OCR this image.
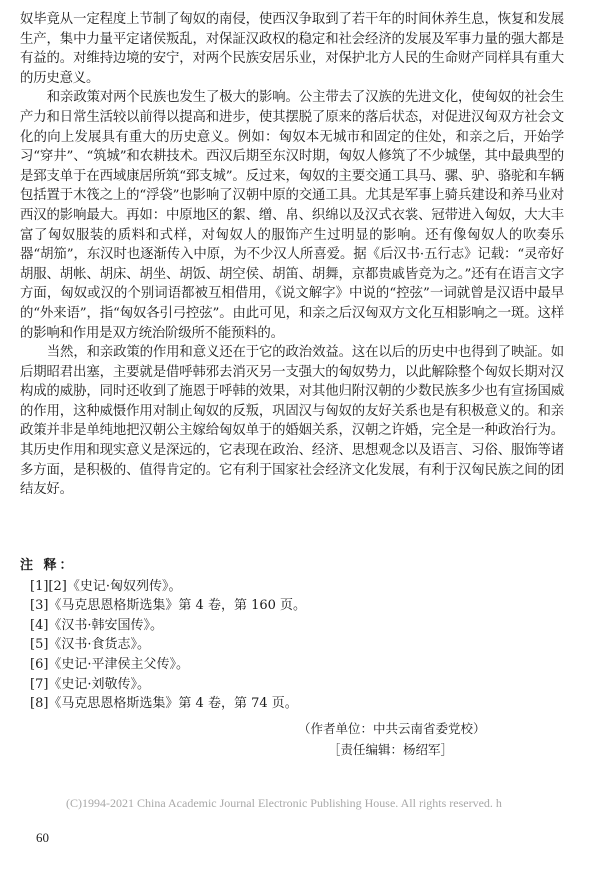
奴毕竟从一定程度上节制了匈奴的南侵，使西汉争取到了若干年的时间休养生息，恢复和发展生产，集中力量平定诸侯叛乱，对保証汉政权的稳定和社会经济的发展及军事力量的强大都是有益的。对维持边境的安宁，对两个民族安居乐业，对保护北方人民的生命财产同样具有重大的历史意义。

和亲政策对两个民族也发生了极大的影响。公主带去了汉族的先进文化，使匈奴的社会生产力和日常生活较以前得以提高和进步，使其摆脱了原来的落后状态，对促进汉匈双方社会文化的向上发展具有重大的历史意义。例如：匈奴本无城市和固定的住处，和亲之后，开始学习“穿井”、“筑城”和农耕技术。西汉后期至东汉时期，匈奴人修筑了不少城堡，其中最典型的是郅支单于在西域康居所筑“郅支城”。反过来，匈奴的主要交通工具马、骡、驴、骆驼和车辆包括置于木筏之上的“浮袋”也影响了汉朝中原的交通工具。尤其是军事上骑兵建设和养马业对西汉的影响最大。再如：中原地区的絮、缯、帛、织绵以及汉式衣裳、冠带进入匈奴，大大丰富了匈奴服装的质料和式样，对匈奴人的服饰产生过明显的影响。还有像匈奴人的吹奏乐器“胡笳”，东汉时也逐渐传入中原，为不少汉人所喜爱。据《后汉书·五行志》记载：“灵帝好胡服、胡帐、胡床、胡坐、胡饭、胡空侯、胡笛、胡舞，京都贵戚皆竞为之。”还有在语言文字方面，匈奴或汉的个别词语都被互相借用，《说文解字》中说的“控弦”一词就曾是汉语中最早的“外来语”，指“匈奴各引弓控弦”。由此可见，和亲之后汉匈双方文化互相影响之一斑。这样的影响和作用是双方统治阶级所不能预料的。

当然，和亲政策的作用和意义还在于它的政治效益。这在以后的历史中也得到了映証。如后期昭君出塞，主要就是借呼韩邪去消灭另一支强大的匈奴势力，以此解除整个匈奴长期对汉构成的威胁，同时还收到了施恩于呼韩的效果，对其他归附汉朝的少数民族多少也有宣扬国威的作用，这种威慑作用对制止匈奴的反叛，巩固汉与匈奴的友好关系也是有积极意义的。和亲政策并非是单纯地把汉朝公主嫁给匈奴单于的婚姻关系，汉朝之许婚，完全是一种政治行为。其历史作用和现实意义是深远的，它表现在政治、经济、思想观念以及语言、习俗、服饰等诸多方面，是积极的、值得肯定的。它有利于国家社会经济文化发展，有利于汉匈民族之间的团结友好。

注 释：
[1][2]《史记·匈奴列传》。
[3]《马克思恩格斯选集》第 4 卷，第 160 页。
[4]《汉书·韩安国传》。
[5]《汉书·食货志》。
[6]《史记·平津侯主父传》。
[7]《史记·刘敬传》。
[8]《马克思恩格斯选集》第 4 卷，第 74 页。
（作者单位：中共云南省委党校）
［责任编辑：杨绍军］
(C)1994-2021 China Academic Journal Electronic Publishing House. All rights reserved. h
60
